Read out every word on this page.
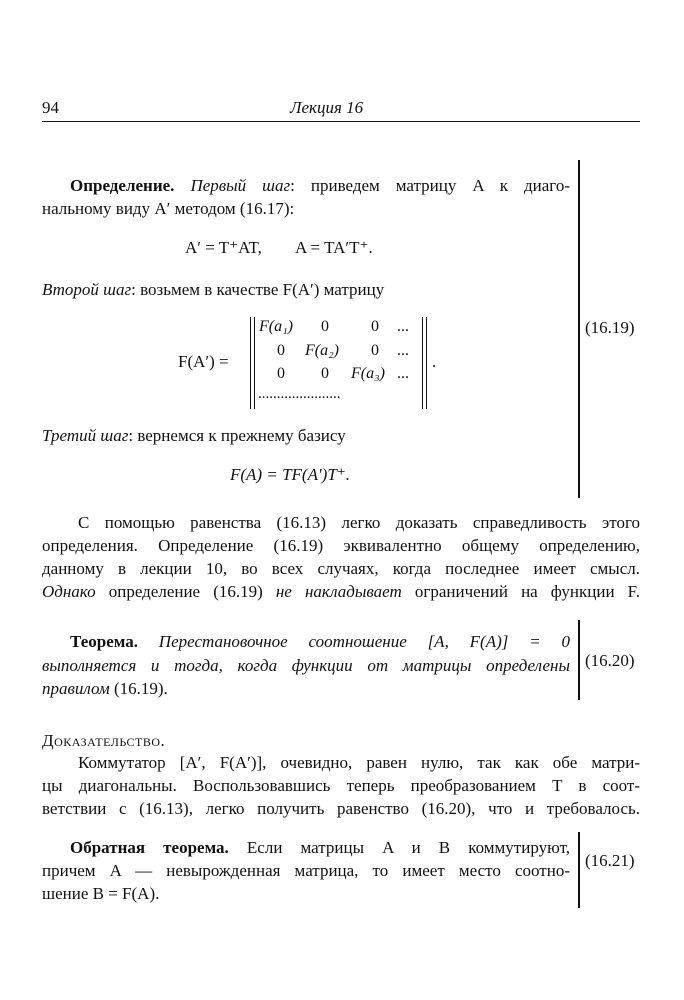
94	Лекция 16
(16.19)
Определение. Первый шаг: приведем матрицу A к диаго-
нальному виду A′ методом (16.17):
A′ = T⁺AT,        A = TA′T⁺.
Второй шаг: возьмем в качестве F(A′) матрицу
F(A′) =
F(a₁) 0	0 ...
0 F(a₂) 0 ...
0 0 F(a₃) ...
......................
.
Третий шаг: вернемся к прежнему базису
F(A) = TF(A′)T⁺.
С помощью равенства (16.13) легко доказать справедливость этого
определения. Определение (16.19) эквивалентно общему определению,
данному в лекции 10, во всех случаях, когда последнее имеет смысл.
Однако определение (16.19) не накладывает ограничений на функции F.
(16.20)
Теорема. Перестановочное соотношение [A, F(A)] = 0
выполняется и тогда, когда функции от матрицы определены
правилом (16.19).
Доказательство.
Коммутатор [A′, F(A′)], очевидно, равен нулю, так как обе матри-
цы диагональны. Воспользовавшись теперь преобразованием T в соот-
ветствии с (16.13), легко получить равенство (16.20), что и требовалось.
(16.21)
Обратная теорема. Если матрицы A и B коммутируют,
причем A — невырожденная матрица, то имеет место соотно-
шение B = F(A).
